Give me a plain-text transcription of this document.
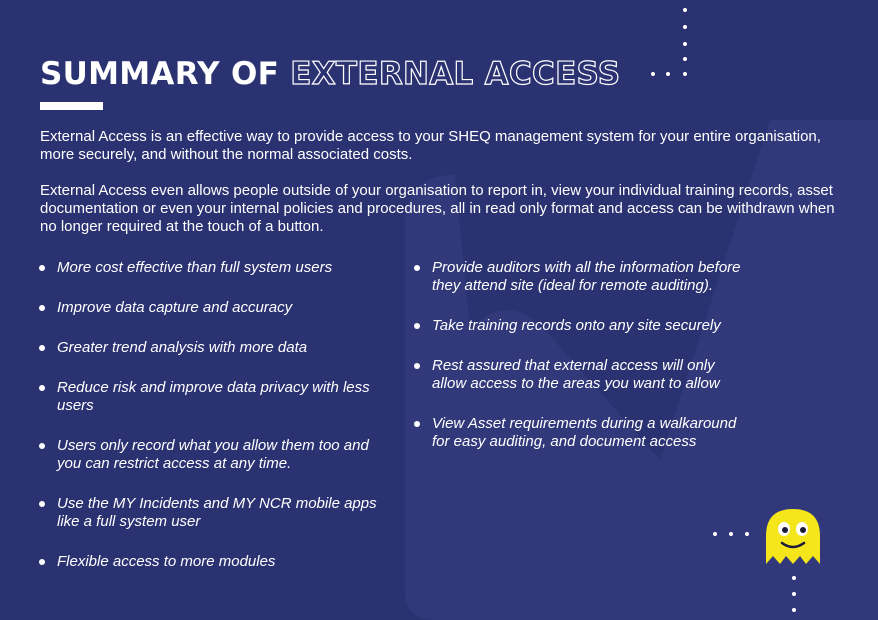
SUMMARY OF EXTERNAL ACCESS

External Access is an effective way to provide access to your SHEQ management system for your entire organisation, more securely, and without the normal associated costs.

External Access even allows people outside of your organisation to report in, view your individual training records, asset documentation or even your internal policies and procedures, all in read only format and access can be withdrawn when no longer required at the touch of a button.

More cost effective than full system users
Improve data capture and accuracy
Greater trend analysis with more data
Reduce risk and improve data privacy with less users
Users only record what you allow them too and you can restrict access at any time.
Use the MY Incidents and MY NCR mobile apps like a full system user
Flexible access to more modules
Provide auditors with all the information before they attend site (ideal for remote auditing).
Take training records onto any site securely
Rest assured that external access will only allow access to the areas you want to allow
View Asset requirements during a walkaround for easy auditing, and document access
